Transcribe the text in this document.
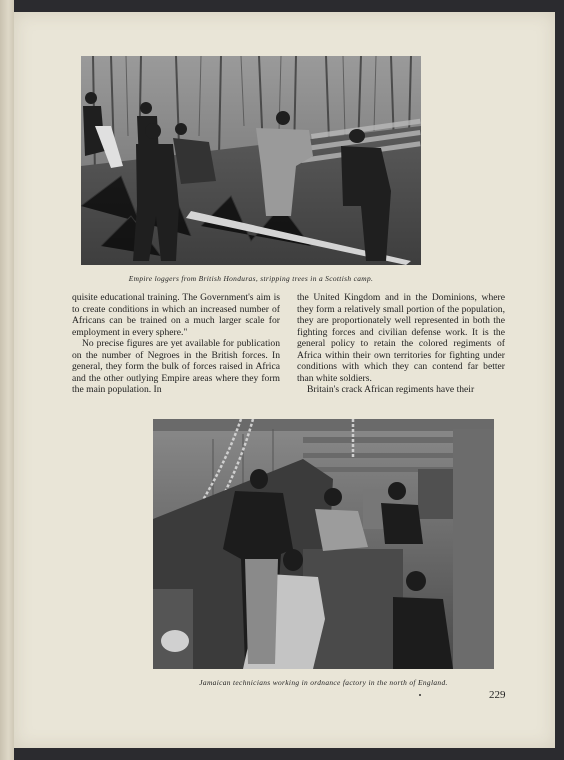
Empire loggers from British Honduras, stripping trees in a Scottish camp.

quisite educational training. The Government's aim is to create conditions in which an increased number of Africans can be trained on a much larger scale for employment in every sphere."

No precise figures are yet available for publication on the number of Negroes in the British forces. In general, they form the bulk of forces raised in Africa and the other outlying Empire areas where they form the main population. In

the United Kingdom and in the Dominions, where they form a relatively small portion of the population, they are proportionately well represented in both the fighting forces and civilian defense work. It is the general policy to retain the colored regiments of Africa within their own territories for fighting under conditions with which they can contend far better than white soldiers.

Britain's crack African regiments have their

Jamaican technicians working in ordnance factory in the north of England.
229
